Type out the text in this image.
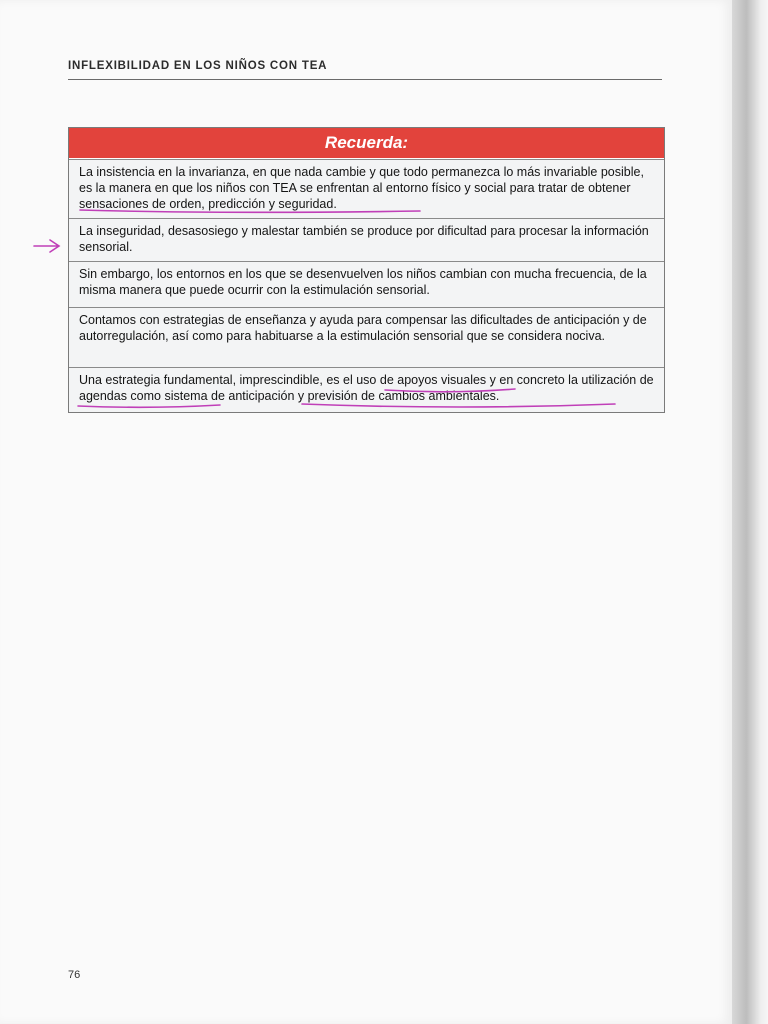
INFLEXIBILIDAD EN LOS NIÑOS CON TEA
Recuerda:
La insistencia en la invarianza, en que nada cambie y que todo permanezca lo más invariable posible, es la manera en que los niños con TEA se enfrentan al entorno físico y social para tratar de obtener sensaciones de orden, predicción y seguridad.
La inseguridad, desasosiego y malestar también se produce por dificultad para procesar la información sensorial.
Sin embargo, los entornos en los que se desenvuelven los niños cambian con mucha frecuencia, de la misma manera que puede ocurrir con la estimulación sensorial.
Contamos con estrategias de enseñanza y ayuda para compensar las dificultades de anticipación y de autorregulación, así como para habituarse a la estimulación sensorial que se considera nociva.
Una estrategia fundamental, imprescindible, es el uso de apoyos visuales y en concreto la utilización de agendas como sistema de anticipación y previsión de cambios ambientales.

76
